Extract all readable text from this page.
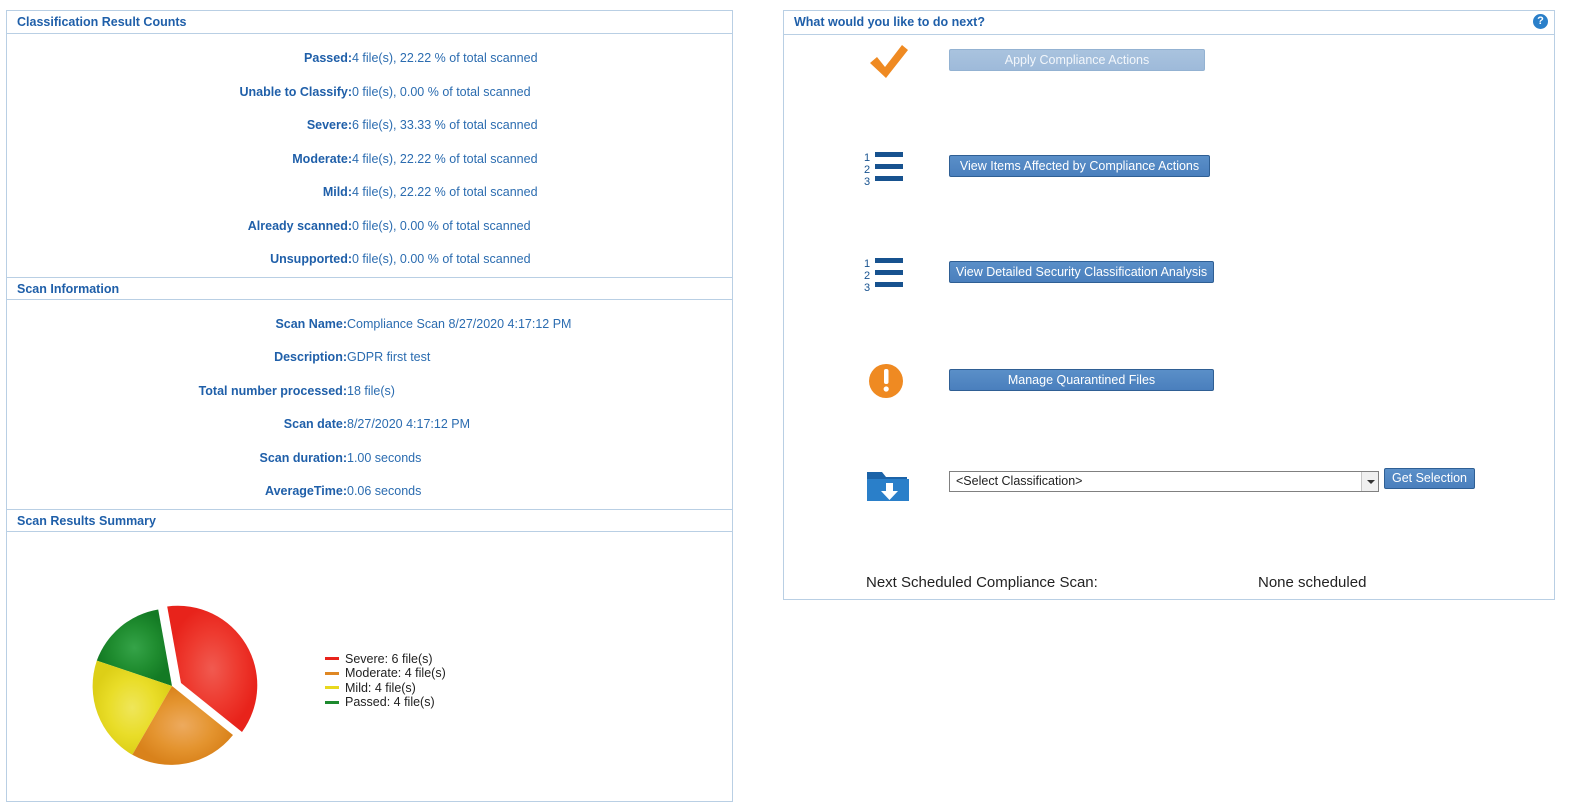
Classification Result Counts
Passed:	4 file(s), 22.22 % of total scanned
Unable to Classify:	0 file(s), 0.00 % of total scanned
Severe:	6 file(s), 33.33 % of total scanned
Moderate:	4 file(s), 22.22 % of total scanned
Mild:	4 file(s), 22.22 % of total scanned
Already scanned:	0 file(s), 0.00 % of total scanned
Unsupported:	0 file(s), 0.00 % of total scanned
Scan Information
Scan Name:	Compliance Scan 8/27/2020 4:17:12 PM
Description:	GDPR first test
Total number processed:	18 file(s)
Scan date:	8/27/2020 4:17:12 PM
Scan duration:	1.00 seconds
AverageTime:	0.06 seconds
Scan Results Summary
Severe: 6 file(s)
Moderate: 4 file(s)
Mild: 4 file(s)
Passed: 4 file(s)
What would you like to do next?	?
Apply Compliance Actions
1
2
3
View Items Affected by Compliance Actions
1
2
3
View Detailed Security Classification Analysis
Manage Quarantined Files
<Select Classification>	Get Selection
Next Scheduled Compliance Scan:	None scheduled
